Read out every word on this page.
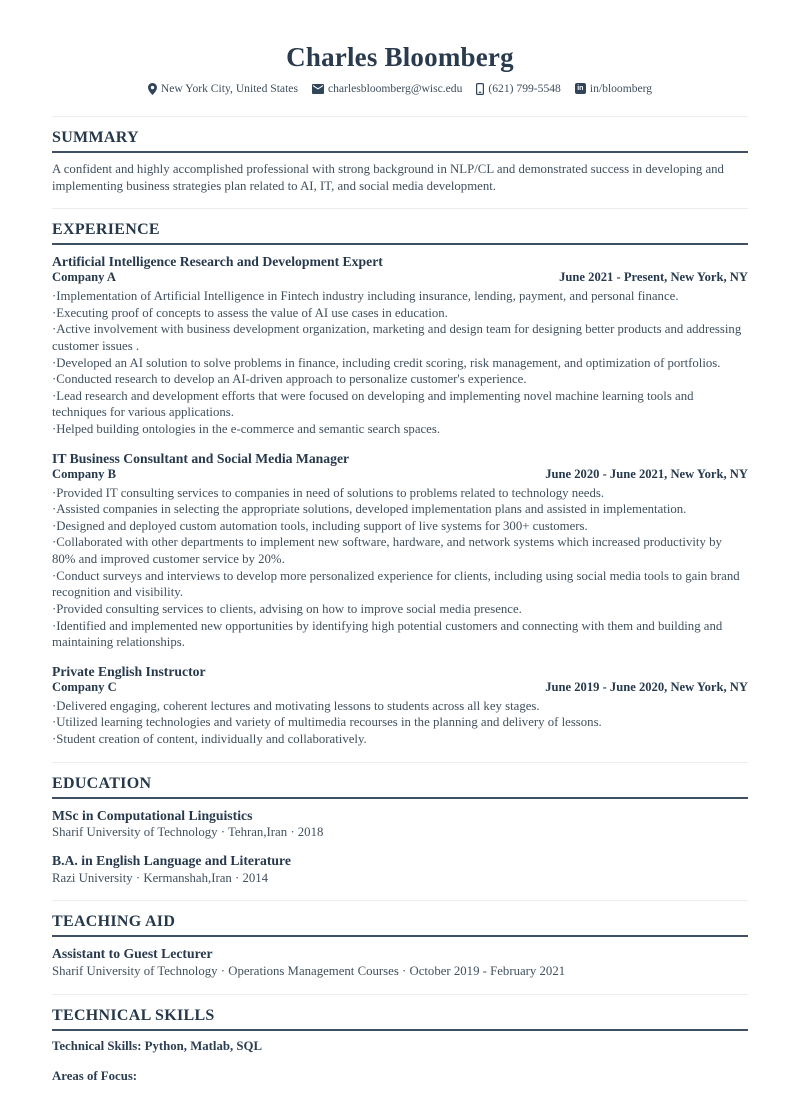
Charles Bloomberg
New York City, United States	charlesbloomberg@wisc.edu (621) 799-5548 in	in/bloomberg
SUMMARY

A confident and highly accomplished professional with strong background in NLP/CL and demonstrated success in developing and implementing business strategies plan related to AI, IT, and social media development.

EXPERIENCE
Artificial Intelligence Research and Development Expert
Company A	June 2021 - Present, New York, NY
· Implementation of Artificial Intelligence in Fintech industry including insurance, lending, payment, and personal finance.
· Executing proof of concepts to assess the value of AI use cases in education.
· Active involvement with business development organization, marketing and design team for designing better products and addressing customer issues .
· Developed an AI solution to solve problems in finance, including credit scoring, risk management, and optimization of portfolios.
· Conducted research to develop an AI-driven approach to personalize customer's experience.
· Lead research and development efforts that were focused on developing and implementing novel machine learning tools and techniques for various applications.
· Helped building ontologies in the e-commerce and semantic search spaces.
IT Business Consultant and Social Media Manager
Company B	June 2020 - June 2021, New York, NY
· Provided IT consulting services to companies in need of solutions to problems related to technology needs.
· Assisted companies in selecting the appropriate solutions, developed implementation plans and assisted in implementation.
· Designed and deployed custom automation tools, including support of live systems for 300+ customers.
· Collaborated with other departments to implement new software, hardware, and network systems which increased productivity by 80% and improved customer service by 20%.
· Conduct surveys and interviews to develop more personalized experience for clients, including using social media tools to gain brand recognition and visibility.
· Provided consulting services to clients, advising on how to improve social media presence.
· Identified and implemented new opportunities by identifying high potential customers and connecting with them and building and maintaining relationships.
Private English Instructor
Company C	June 2019 - June 2020, New York, NY
· Delivered engaging, coherent lectures and motivating lessons to students across all key stages.
· Utilized learning technologies and variety of multimedia recourses in the planning and delivery of lessons.
· Student creation of content, individually and collaboratively.
EDUCATION
MSc in Computational Linguistics
Sharif University of Technology · Tehran,Iran · 2018
B.A. in English Language and Literature
Razi University · Kermanshah,Iran · 2014
TEACHING AID
Assistant to Guest Lecturer
Sharif University of Technology · Operations Management Courses · October 2019 - February 2021
TECHNICAL SKILLS

Technical Skills: Python, Matlab, SQL

Areas of Focus:
